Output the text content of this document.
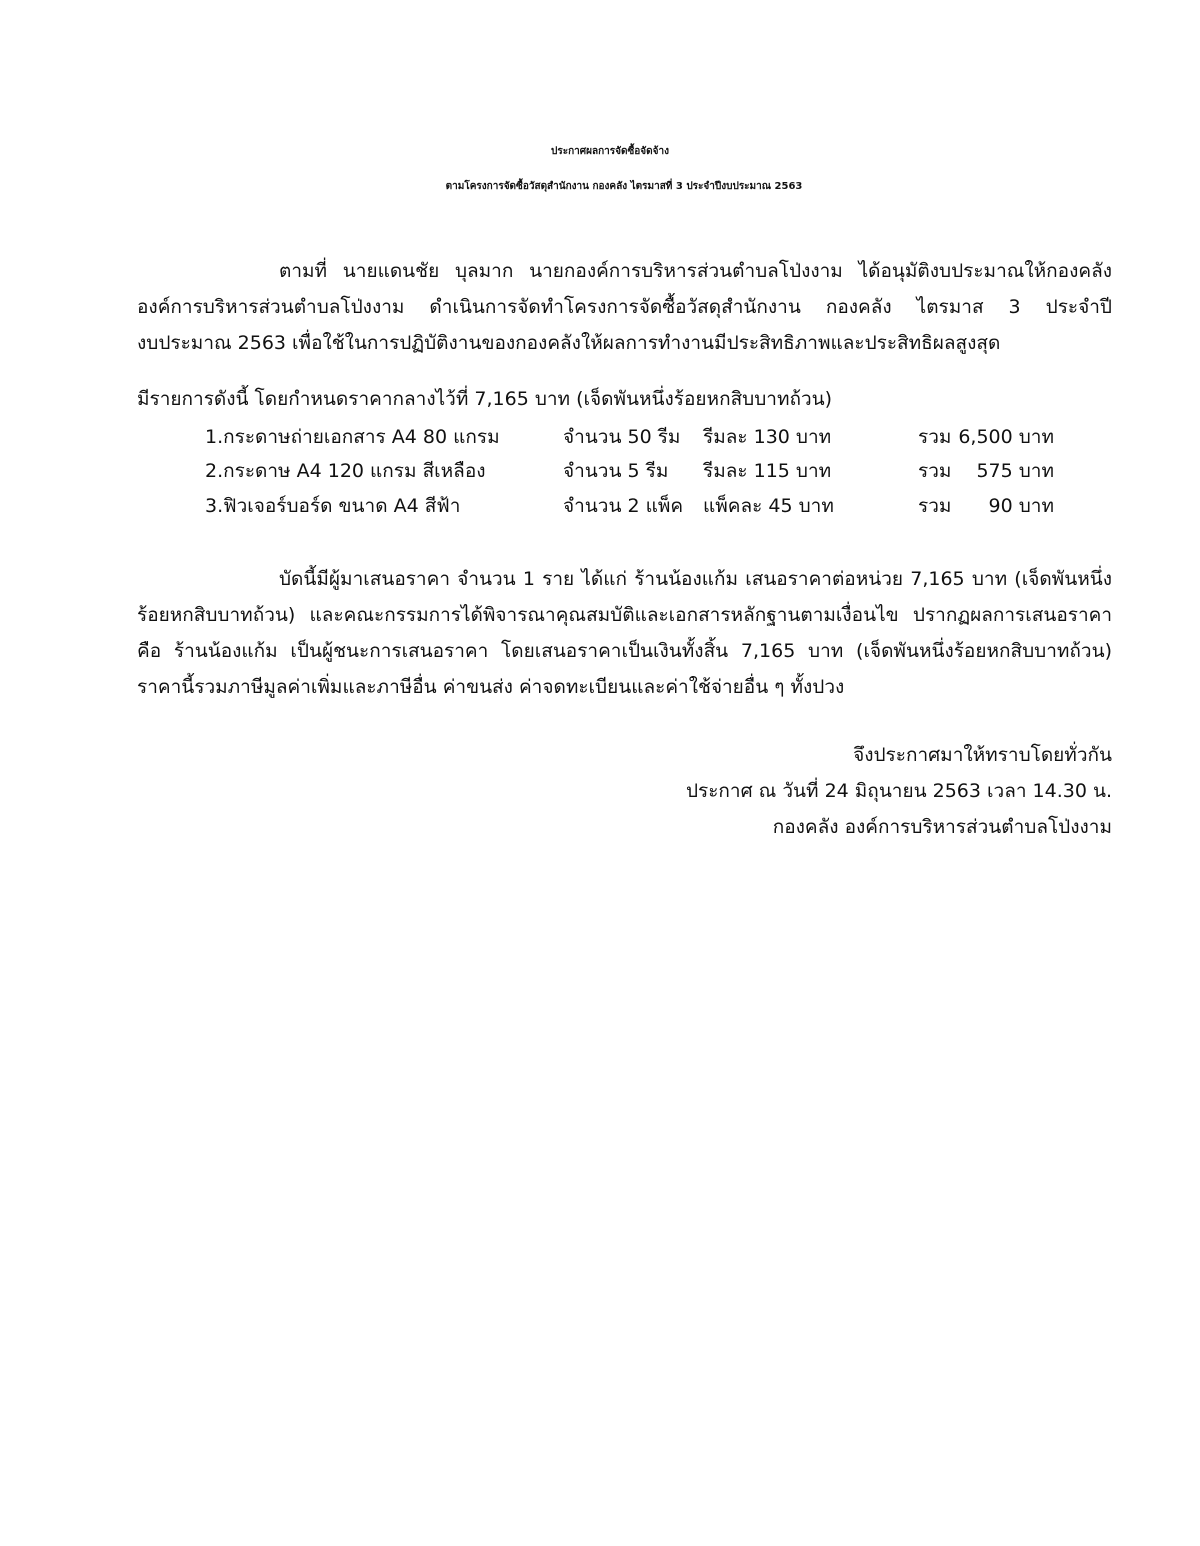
ประกาศผลการจัดซื้อจัดจ้าง
ตามโครงการจัดซื้อวัสดุสำนักงาน กองคลัง ไตรมาสที่ 3 ประจำปีงบประมาณ 2563
ตามที่ นายแดนชัย บุลมาก นายกองค์การบริหารส่วนตำบลโป่งงาม ได้อนุมัติงบประมาณให้กองคลัง
องค์การบริหารส่วนตำบลโป่งงาม ดำเนินการจัดทำโครงการจัดซื้อวัสดุสำนักงาน กองคลัง ไตรมาส 3 ประจำปี
งบประมาณ 2563 เพื่อใช้ในการปฏิบัติงานของกองคลังให้ผลการทำงานมีประสิทธิภาพและประสิทธิผลสูงสุด
มีรายการดังนี้ โดยกำหนดราคากลางไว้ที่ 7,165 บาท (เจ็ดพันหนึ่งร้อยหกสิบบาทถ้วน)
1.กระดาษถ่ายเอกสาร A4 80 แกรม	จำนวน 50 รีม รีมละ 130 บาท	รวม 6,500 บาท
2.กระดาษ A4 120 แกรม สีเหลือง	จำนวน 5 รีม รีมละ 115 บาท	รวม 575 บาท
3.ฟิวเจอร์บอร์ด ขนาด A4 สีฟ้า	จำนวน 2 แพ็ค แพ็คละ 45 บาท	รวม 90 บาท
บัดนี้มีผู้มาเสนอราคา จำนวน 1 ราย ได้แก่ ร้านน้องแก้ม เสนอราคาต่อหน่วย 7,165 บาท (เจ็ดพันหนึ่ง
ร้อยหกสิบบาทถ้วน) และคณะกรรมการได้พิจารณาคุณสมบัติและเอกสารหลักฐานตามเงื่อนไข ปรากฏผลการเสนอราคา
คือ ร้านน้องแก้ม เป็นผู้ชนะการเสนอราคา โดยเสนอราคาเป็นเงินทั้งสิ้น 7,165 บาท (เจ็ดพันหนึ่งร้อยหกสิบบาทถ้วน)
ราคานี้รวมภาษีมูลค่าเพิ่มและภาษีอื่น ค่าขนส่ง ค่าจดทะเบียนและค่าใช้จ่ายอื่น ๆ ทั้งปวง
จึงประกาศมาให้ทราบโดยทั่วกัน
ประกาศ ณ วันที่ 24 มิถุนายน 2563 เวลา 14.30 น.
กองคลัง องค์การบริหารส่วนตำบลโป่งงาม
